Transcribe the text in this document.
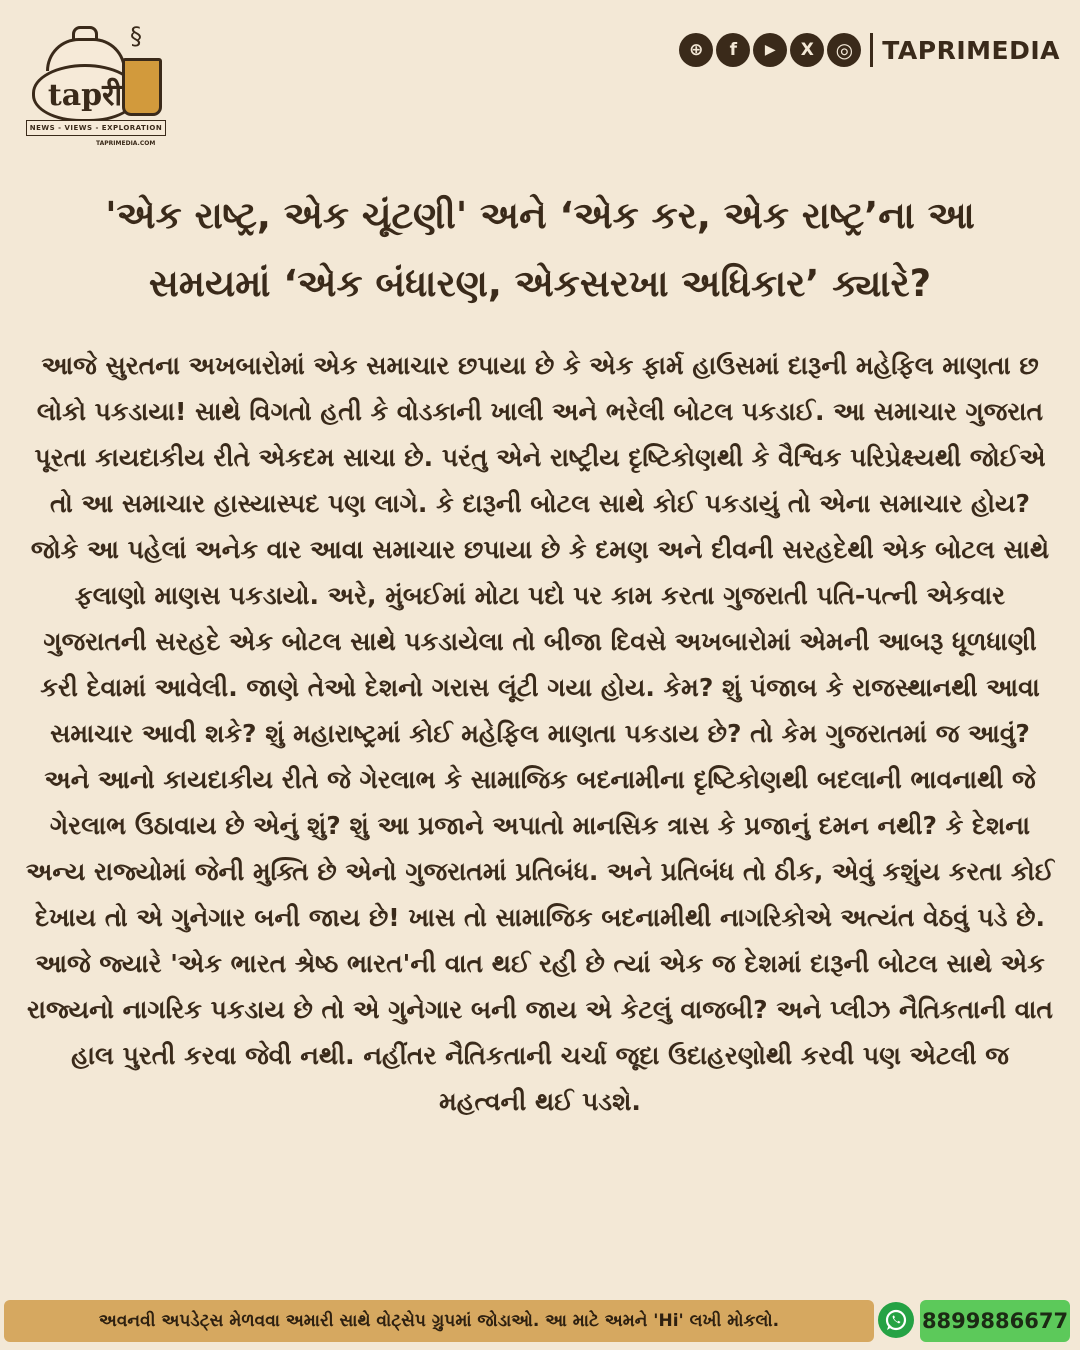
tapरी
§
NEWS - VIEWS - EXPLORATION
TAPRIMEDIA.COM
⊕	f	▶	X	◎	TAPRIMEDIA
'એક રાષ્ટ્ર, એક ચૂંટણી' અને ‘એક કર, એક રાષ્ટ્ર’ના આ
સમયમાં ‘એક બંધારણ, એકસરખા અધિકાર’ ક્યારે?
આજે સુરતના અખબારોમાં એક સમાચાર છપાયા છે કે એક ફાર્મ હાઉસમાં દારૂની મહેફિલ માણતા છ લોકો પકડાયા! સાથે વિગતો હતી કે વોડકાની ખાલી અને ભરેલી બોટલ પકડાઈ. આ સમાચાર ગુજરાત પૂરતા કાયદાકીય રીતે એકદમ સાચા છે. પરંતુ એને રાષ્ટ્રીય દૃષ્ટિકોણથી કે વૈશ્વિક પરિપ્રેક્ષ્યથી જોઈએ તો આ સમાચાર હાસ્યાસ્પદ પણ લાગે. કે દારૂની બોટલ સાથે કોઈ પકડાયું તો એના સમાચાર હોય? જોકે આ પહેલાં અનેક વાર આવા સમાચાર છપાયા છે કે દમણ અને દીવની સરહદેથી એક બોટલ સાથે ફલાણો માણસ પકડાયો. અરે, મુંબઈમાં મોટા પદો પર કામ કરતા ગુજરાતી પતિ-પત્ની એકવાર ગુજરાતની સરહદે એક બોટલ સાથે પકડાયેલા તો બીજા દિવસે અખબારોમાં એમની આબરૂ ધૂળધાણી કરી દેવામાં આવેલી. જાણે તેઓ દેશનો ગરાસ લૂંટી ગયા હોય. કેમ? શું પંજાબ કે રાજસ્થાનથી આવા સમાચાર આવી શકે? શું મહારાષ્ટ્રમાં કોઈ મહેફિલ માણતા પકડાય છે? તો કેમ ગુજરાતમાં જ આવું? અને આનો કાયદાકીય રીતે જે ગેરલાભ કે સામાજિક બદનામીના દૃષ્ટિકોણથી બદલાની ભાવનાથી જે ગેરલાભ ઉઠાવાય છે એનું શું? શું આ પ્રજાને અપાતો માનસિક ત્રાસ કે પ્રજાનું દમન નથી? કે દેશના અન્ય રાજ્યોમાં જેની મુક્તિ છે એનો ગુજરાતમાં પ્રતિબંધ. અને પ્રતિબંધ તો ઠીક, એવું કશુંય કરતા કોઈ દેખાય તો એ ગુનેગાર બની જાય છે! ખાસ તો સામાજિક બદનામીથી નાગરિકોએ અત્યંત વેઠવું પડે છે. આજે જ્યારે 'એક ભારત શ્રેષ્ઠ ભારત'ની વાત થઈ રહી છે ત્યાં એક જ દેશમાં દારૂની બોટલ સાથે એક રાજ્યનો નાગરિક પકડાય છે તો એ ગુનેગાર બની જાય એ કેટલું વાજબી? અને પ્લીઝ નૈતિકતાની વાત હાલ પુરતી કરવા જેવી નથી. નહીંતર નૈતિકતાની ચર્ચા જૂદા ઉદાહરણોથી કરવી પણ એટલી જ મહત્વની થઈ પડશે.
અવનવી અપડેટ્સ મેળવવા અમારી સાથે વોટ્સેપ ગ્રુપમાં જોડાઓ. આ માટે અમને 'Hi' લખી મોકલો.	8899886677
